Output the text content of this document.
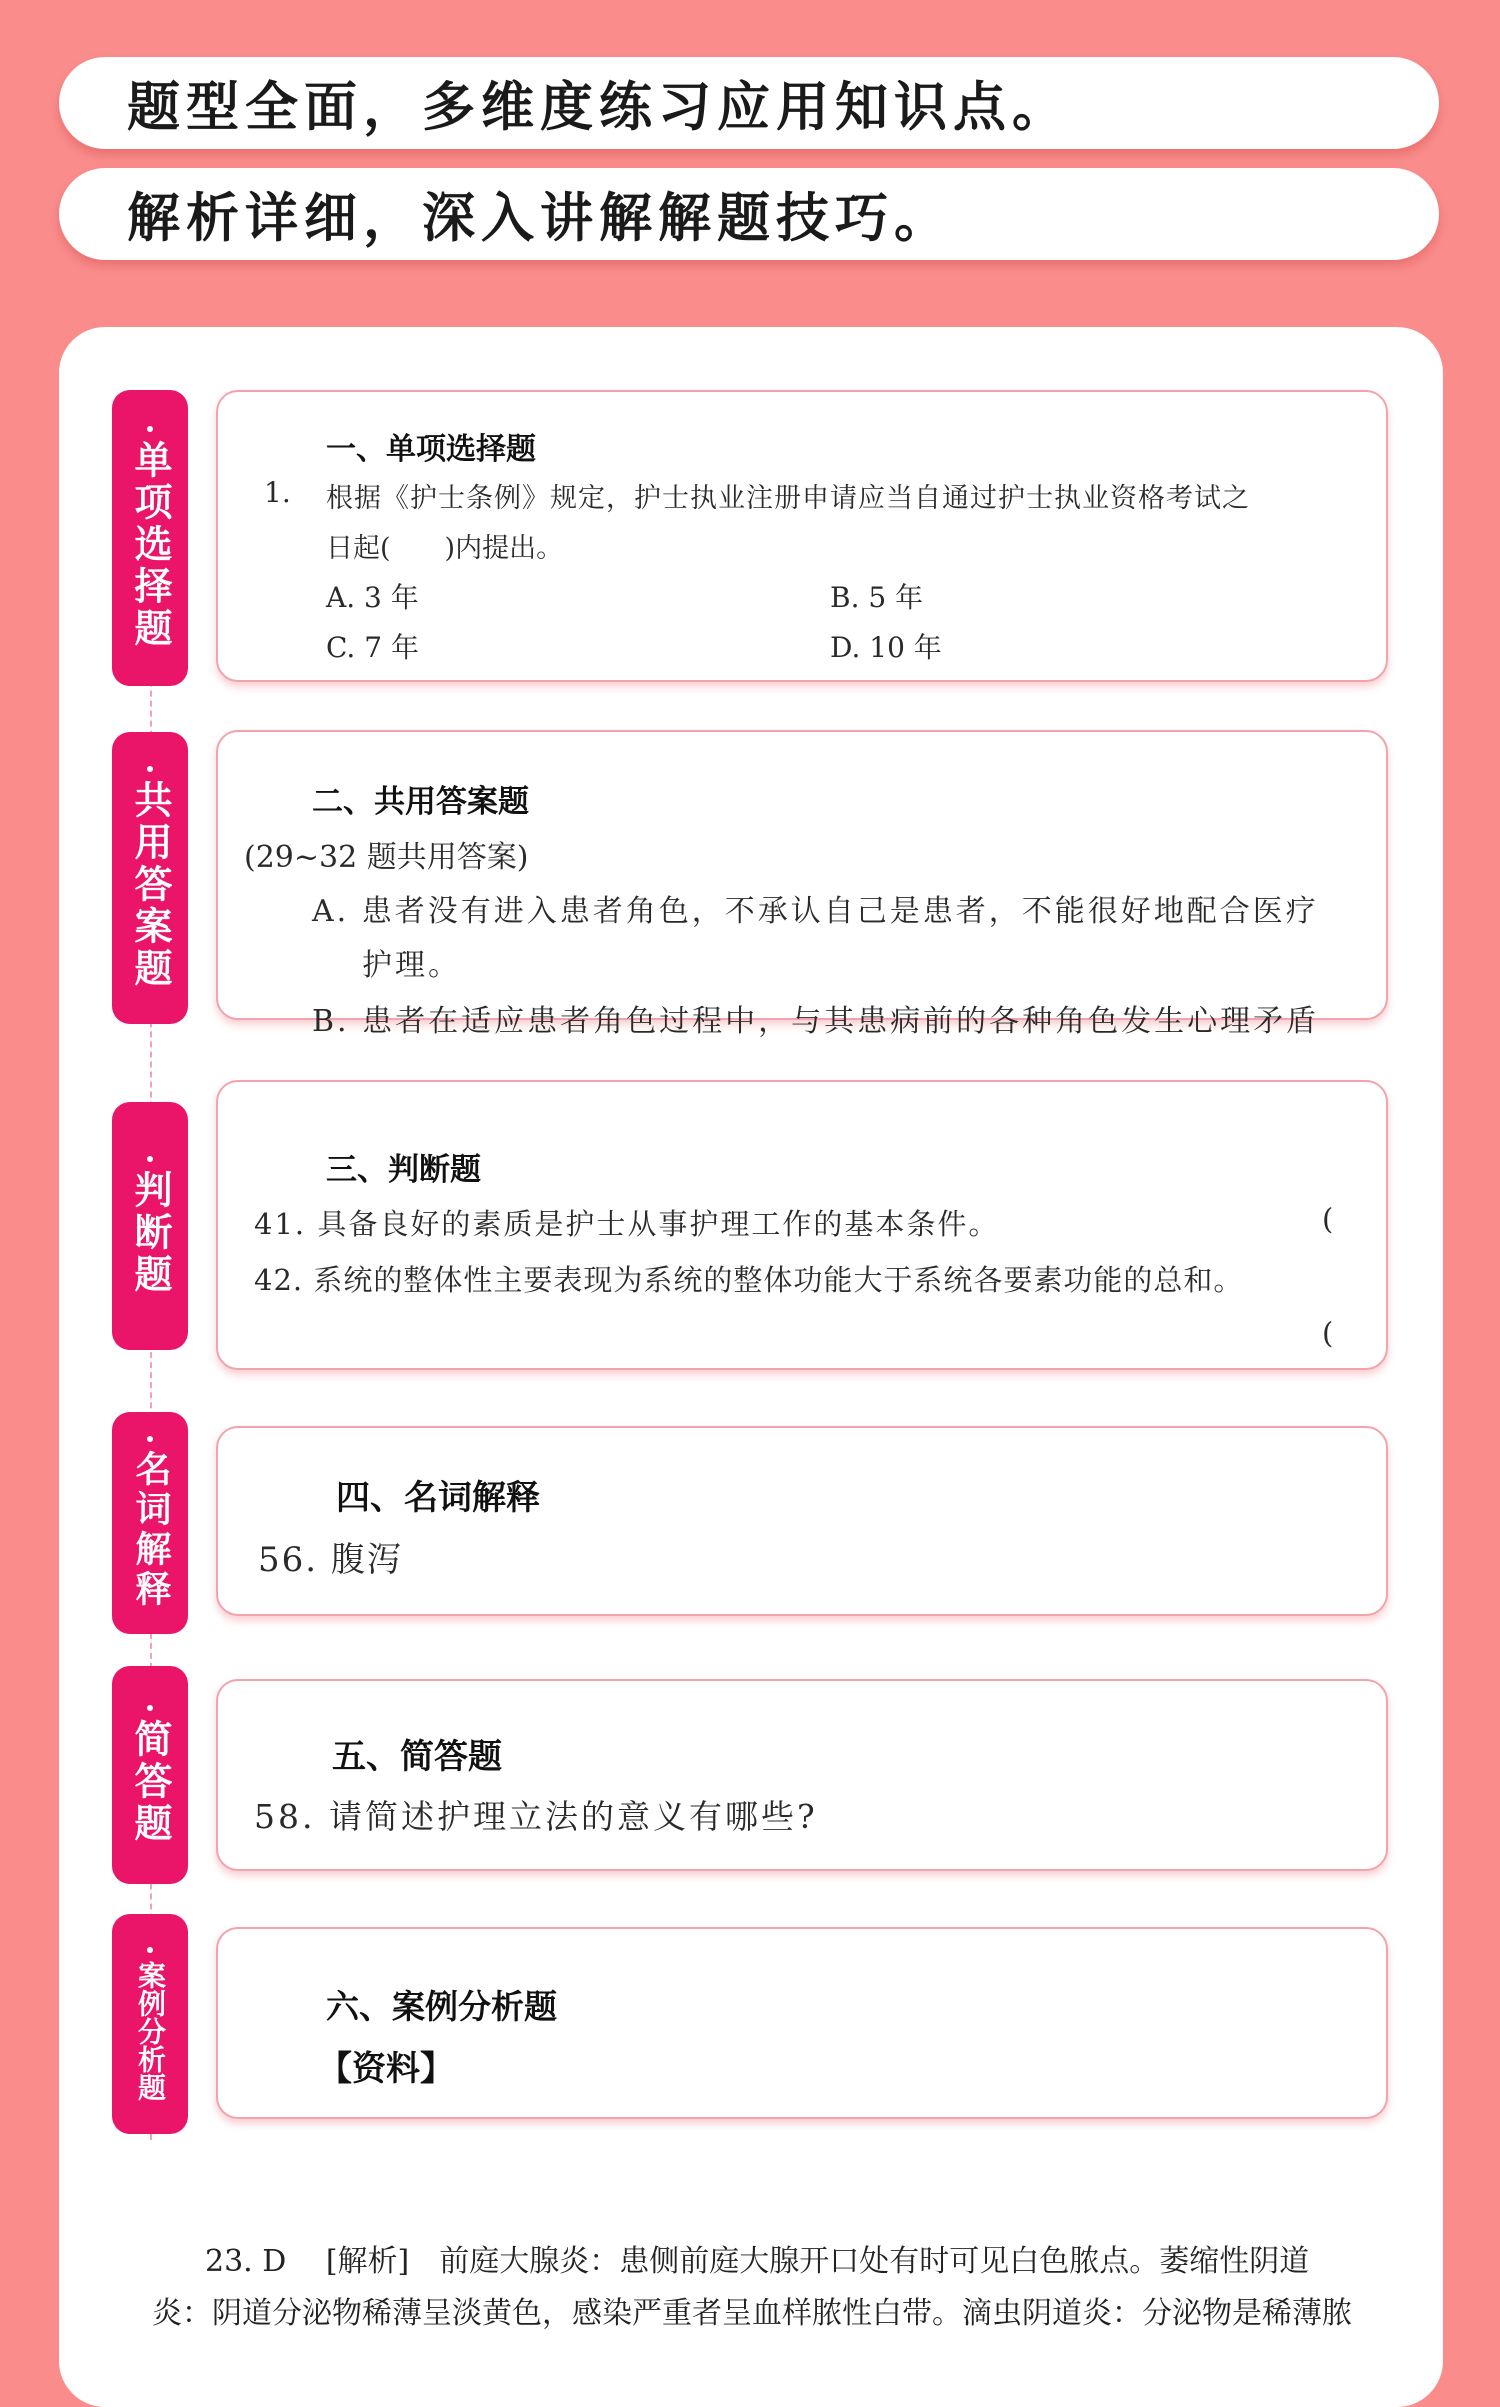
题型全面，多维度练习应用知识点。
解析详细，深入讲解解题技巧。
单项选择题
共用答案题
判断题
名词解释
简答题
案例分析题
一、单项选择题
1. 根据《护士条例》规定，护士执业注册申请应当自通过护士执业资格考试之
日起(　　)内提出。
A. 3 年	B. 5 年
C. 7 年	D. 10 年
二、共用答案题
(29~32 题共用答案)
A. 患者没有进入患者角色，不承认自己是患者，不能很好地配合医疗
护理。
B. 患者在适应患者角色过程中，与其患病前的各种角色发生心理矛盾
三、判断题
41. 具备良好的素质是护士从事护理工作的基本条件。	(
42. 系统的整体性主要表现为系统的整体功能大于系统各要素功能的总和。
(
四、名词解释
56. 腹泻
五、简答题
58. 请简述护理立法的意义有哪些?
六、案例分析题
【资料】
23. D 　[解析]　前庭大腺炎：患侧前庭大腺开口处有时可见白色脓点。萎缩性阴道
炎：阴道分泌物稀薄呈淡黄色，感染严重者呈血样脓性白带。滴虫阴道炎：分泌物是稀薄脓
